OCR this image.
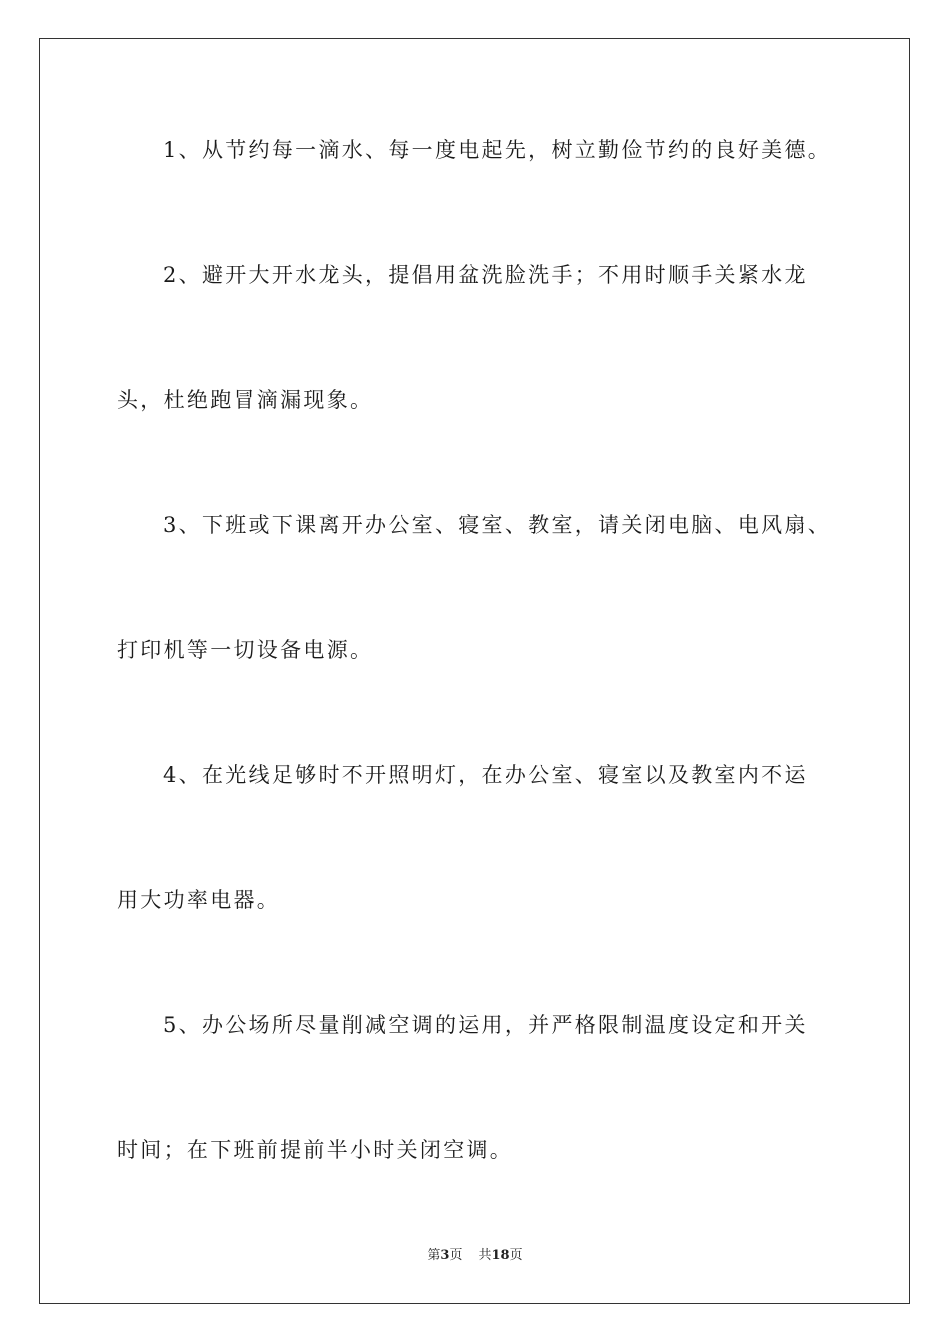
1、从节约每一滴水、每一度电起先，树立勤俭节约的良好美德。
2、避开大开水龙头，提倡用盆洗脸洗手；不用时顺手关紧水龙
头，杜绝跑冒滴漏现象。
3、下班或下课离开办公室、寝室、教室，请关闭电脑、电风扇、
打印机等一切设备电源。
4、在光线足够时不开照明灯，在办公室、寝室以及教室内不运
用大功率电器。
5、办公场所尽量削减空调的运用，并严格限制温度设定和开关
时间；在下班前提前半小时关闭空调。
第3页 共18页
